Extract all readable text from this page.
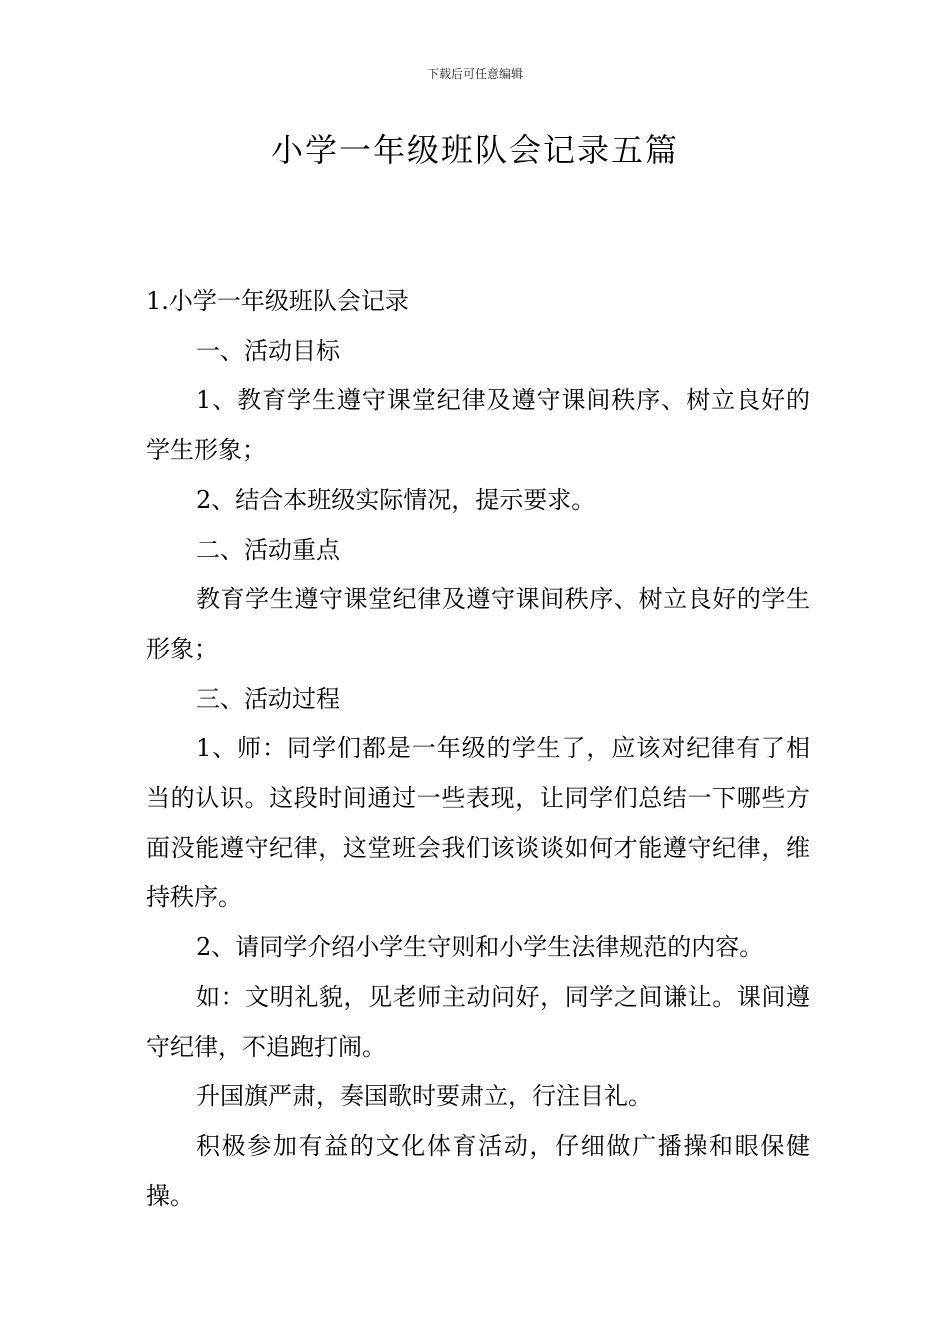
下载后可任意编辑
小学一年级班队会记录五篇

1.小学一年级班队会记录

一、活动目标

1、教育学生遵守课堂纪律及遵守课间秩序、树立良好的学生形象；

2、结合本班级实际情况，提示要求。

二、活动重点

教育学生遵守课堂纪律及遵守课间秩序、树立良好的学生形象；

三、活动过程

1、师：同学们都是一年级的学生了，应该对纪律有了相当的认识。这段时间通过一些表现，让同学们总结一下哪些方面没能遵守纪律，这堂班会我们该谈谈如何才能遵守纪律，维持秩序。

2、请同学介绍小学生守则和小学生法律规范的内容。

如：文明礼貌，见老师主动问好，同学之间谦让。课间遵守纪律，不追跑打闹。

升国旗严肃，奏国歌时要肃立，行注目礼。

积极参加有益的文化体育活动，仔细做广播操和眼保健操。
